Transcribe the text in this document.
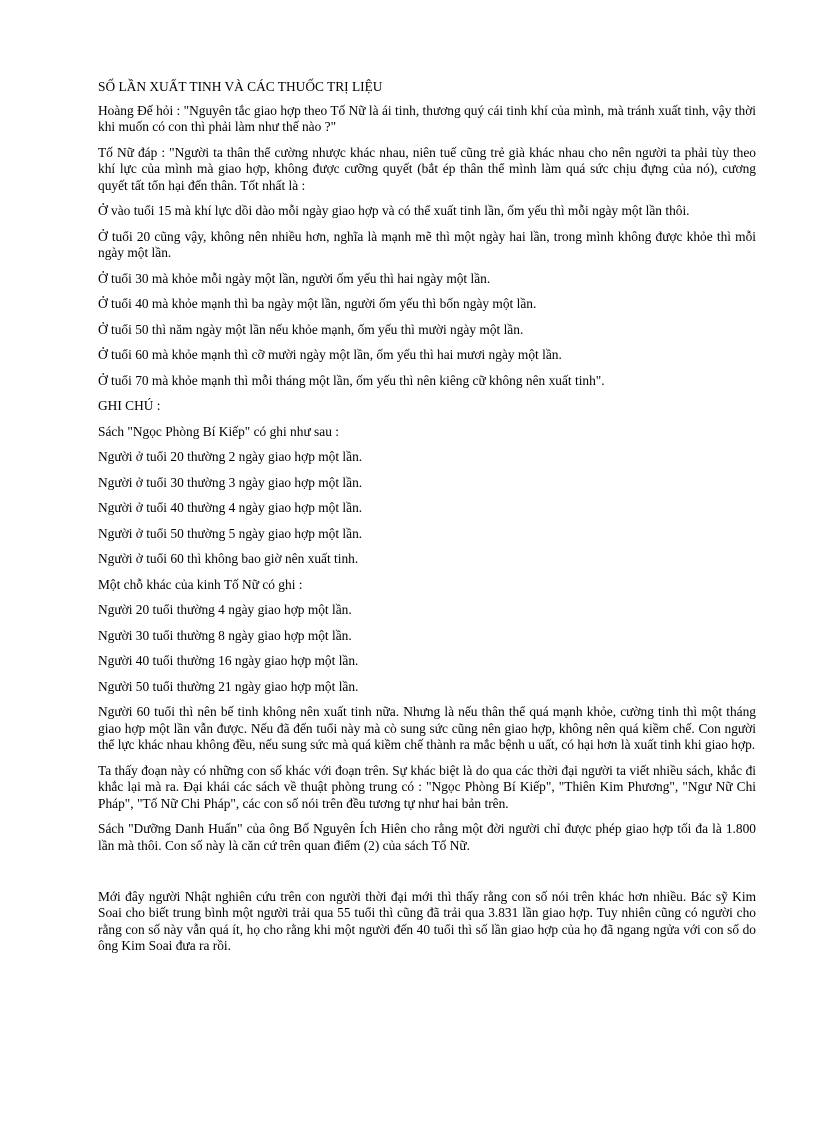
SỐ LẦN XUẤT TINH VÀ CÁC THUỐC TRỊ LIỆU

Hoàng Đế hỏi : "Nguyên tắc giao hợp theo Tố Nữ là ái tinh, thương quý cái tinh khí của mình, mà tránh xuất tinh, vậy thời khi muốn có con thì phải làm như thế nào ?"

Tố Nữ đáp : "Người ta thân thể cường nhược khác nhau, niên tuế cũng trẻ già khác nhau cho nên người ta phải tùy theo khí lực của mình mà giao hợp, không được cưỡng quyết (bắt ép thân thể mình làm quá sức chịu đựng của nó), cương quyết tất tổn hại đến thân. Tốt nhất là :

Ở vào tuổi 15 mà khí lực dồi dào mỗi ngày giao hợp và có thể xuất tinh lần, ốm yếu thì mỗi ngày một lần thôi.

Ở tuổi 20 cũng vậy, không nên nhiều hơn, nghĩa là mạnh mẽ thì một ngày hai lần, trong mình không được khỏe thì mỗi ngày một lần.

Ở tuổi 30 mà khỏe mỗi ngày một lần, người ốm yếu thì hai ngày một lần.

Ở tuổi 40 mà khỏe mạnh thì ba ngày một lần, người ốm yếu thì bốn ngày một lần.

Ở tuổi 50 thì năm ngày một lần nếu khỏe mạnh, ốm yếu thì mười ngày một lần.

Ở tuổi 60 mà khỏe mạnh thì cỡ mười ngày một lần, ốm yếu thì hai mươi ngày một lần.

Ở tuổi 70 mà khỏe mạnh thì mỗi tháng một lần, ốm yếu thì nên kiêng cữ không nên xuất tinh".

GHI CHÚ :

Sách "Ngọc Phòng Bí Kiếp" có ghi như sau :

Người ở tuổi 20 thường 2 ngày giao hợp một lần.

Người ở tuổi 30 thường 3 ngày giao hợp một lần.

Người ở tuổi 40 thường 4 ngày giao hợp một lần.

Người ở tuổi 50 thường 5 ngày giao hợp một lần.

Người ở tuổi 60 thì không bao giờ nên xuất tinh.

Một chỗ khác của kinh Tố Nữ có ghi :

Người 20 tuổi thường 4 ngày giao hợp một lần.

Người 30 tuổi thường 8 ngày giao hợp một lần.

Người 40 tuổi thường 16 ngày giao hợp một lần.

Người 50 tuổi thường 21 ngày giao hợp một lần.

Người 60 tuổi thì nên bế tinh không nên xuất tinh nữa. Nhưng là nếu thân thể quá mạnh khỏe, cường tinh thì một tháng giao hợp một lần vẫn được. Nếu đã đến tuổi này mà cò sung sức cũng nên giao hợp, không nên quá kiềm chế. Con người thể lực khác nhau không đều, nếu sung sức mà quá kiềm chế thành ra mắc bệnh u uất, có hại hơn là xuất tinh khi giao hợp.

Ta thấy đoạn này có những con số khác với đoạn trên. Sự khác biệt là do qua các thời đại người ta viết nhiều sách, khắc đi khắc lại mà ra. Đại khái các sách về thuật phòng trung có : "Ngọc Phòng Bí Kiếp", "Thiên Kim Phương", "Ngư Nữ Chi Pháp", "Tố Nữ Chi Pháp", các con số nói trên đều tương tự như hai bản trên.

Sách "Dưỡng Danh Huấn" của ông Bố Nguyên Ích Hiên cho rằng một đời người chỉ được phép giao hợp tối đa là 1.800 lần mà thôi. Con số này là căn cứ trên quan điểm (2) của sách Tố Nữ.

Mới đây người Nhật nghiên cứu trên con người thời đại mới thì thấy rằng con số nói trên khác hơn nhiều. Bác sỹ Kim Soai cho biết trung bình một người trải qua 55 tuổi thì cũng đã trải qua 3.831 lần giao hợp. Tuy nhiên cũng có người cho rằng con số này vẫn quá ít, họ cho rằng khi một người đến 40 tuổi thì số lần giao hợp của họ đã ngang ngửa với con số do ông Kim Soai đưa ra rồi.
